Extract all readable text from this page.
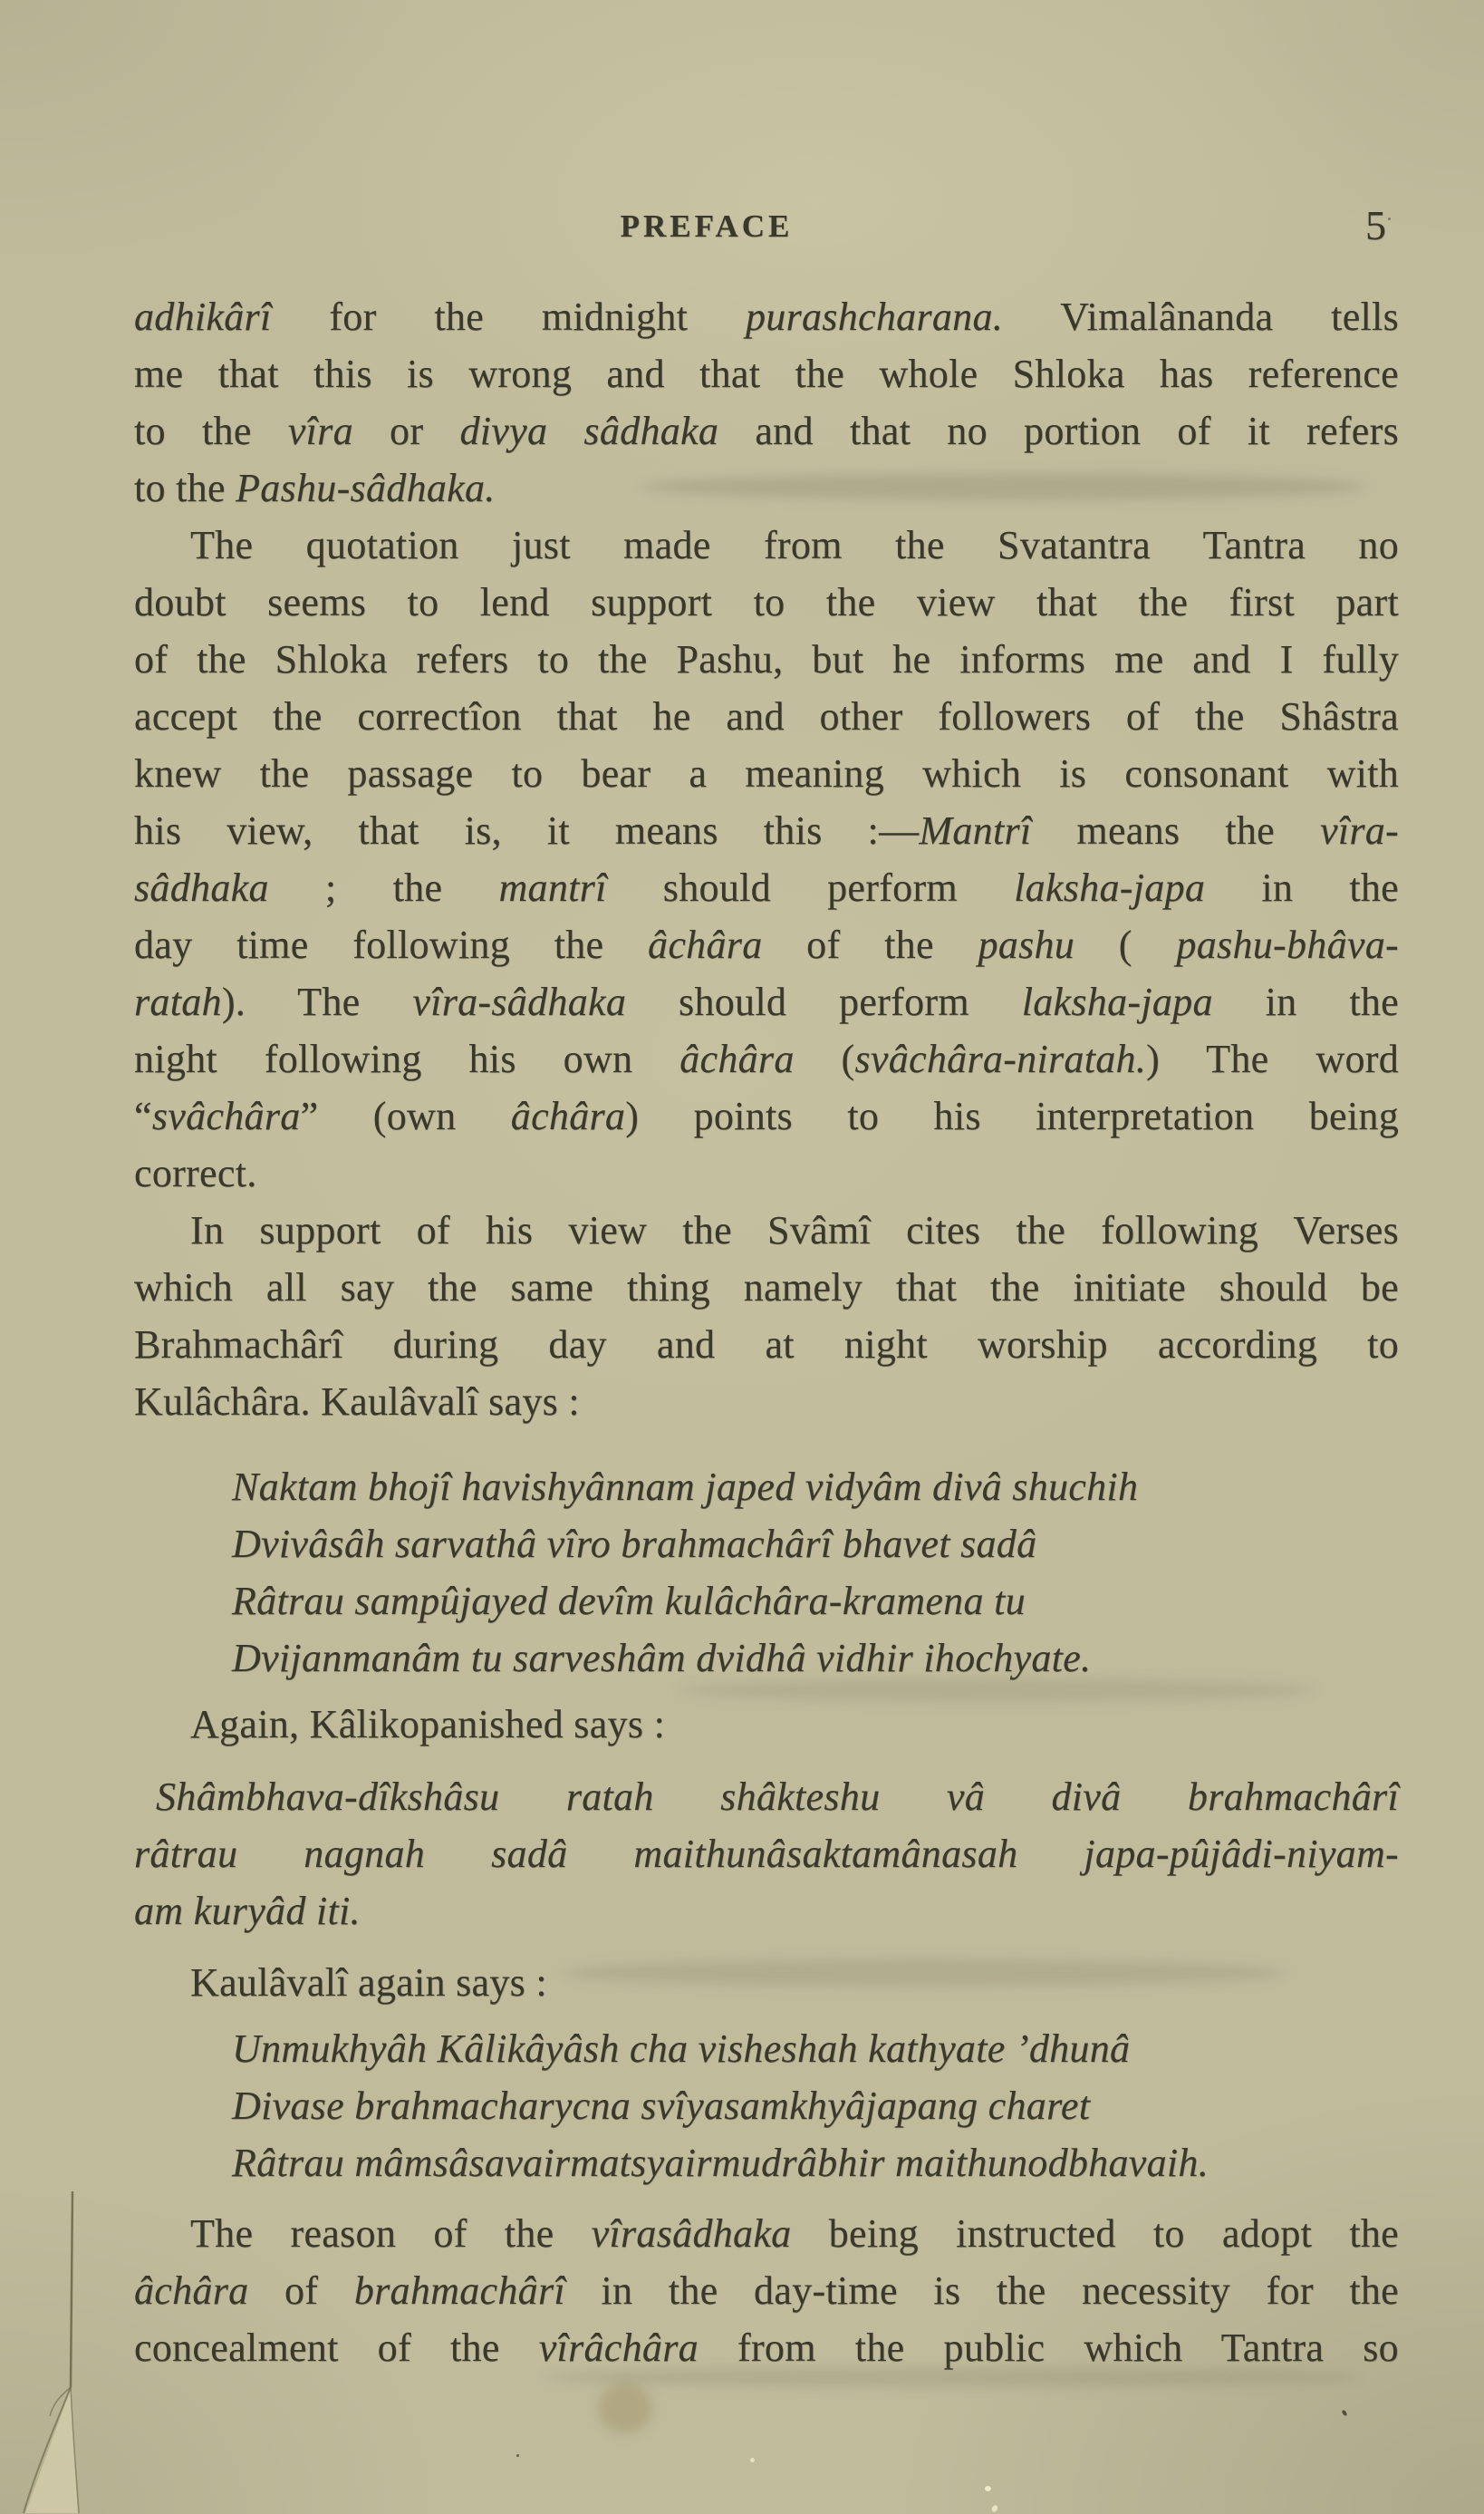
PREFACE	5
adhikârî for the midnight purashcharana. Vimalânanda tells
me that this is wrong and that the whole Shloka has reference
to the vîra or divya sâdhaka and that no portion of it refers
to the Pashu-sâdhaka.
The quotation just made from the Svatantra Tantra no
doubt seems to lend support to the view that the first part
of the Shloka refers to the Pashu, but he informs me and I fully
accept the correctîon that he and other followers of the Shâstra
knew the passage to bear a meaning which is consonant with
his view, that is, it means this :—Mantrî means the vîra-
sâdhaka ; the mantrî should perform laksha-japa in the
day time following the âchâra of the pashu ( pashu-bhâva-
ratah). The vîra-sâdhaka should perform laksha-japa in the
night following his own âchâra (svâchâra-niratah.) The word
“svâchâra” (own âchâra) points to his interpretation being
correct.
In support of his view the Svâmî cites the following Verses
which all say the same thing namely that the initiate should be
Brahmachârî during day and at night worship according to
Kulâchâra. Kaulâvalî says :
Naktam bhojî havishyânnam japed vidyâm divâ shuchih
Dvivâsâh sarvathâ vîro brahmachârî bhavet sadâ
Râtrau sampûjayed devîm kulâchâra-kramena tu
Dvijanmanâm tu sarveshâm dvidhâ vidhir ihochyate.
Again, Kâlikopanished says :
Shâmbhava-dîkshâsu ratah shâkteshu vâ divâ brahmachârî
râtrau nagnah sadâ maithunâsaktamânasah japa-pûjâdi-niyam-
am kuryâd iti.
Kaulâvalî again says :
Unmukhyâh Kâlikâyâsh cha visheshah kathyate ’dhunâ
Divase brahmacharycna svîyasamkhyâjapang charet
Râtrau mâmsâsavairmatsyairmudrâbhir maithunodbhavaih.
The reason of the vîrasâdhaka being instructed to adopt the
âchâra of brahmachârî in the day-time is the necessity for the
concealment of the vîrâchâra from the public which Tantra so
